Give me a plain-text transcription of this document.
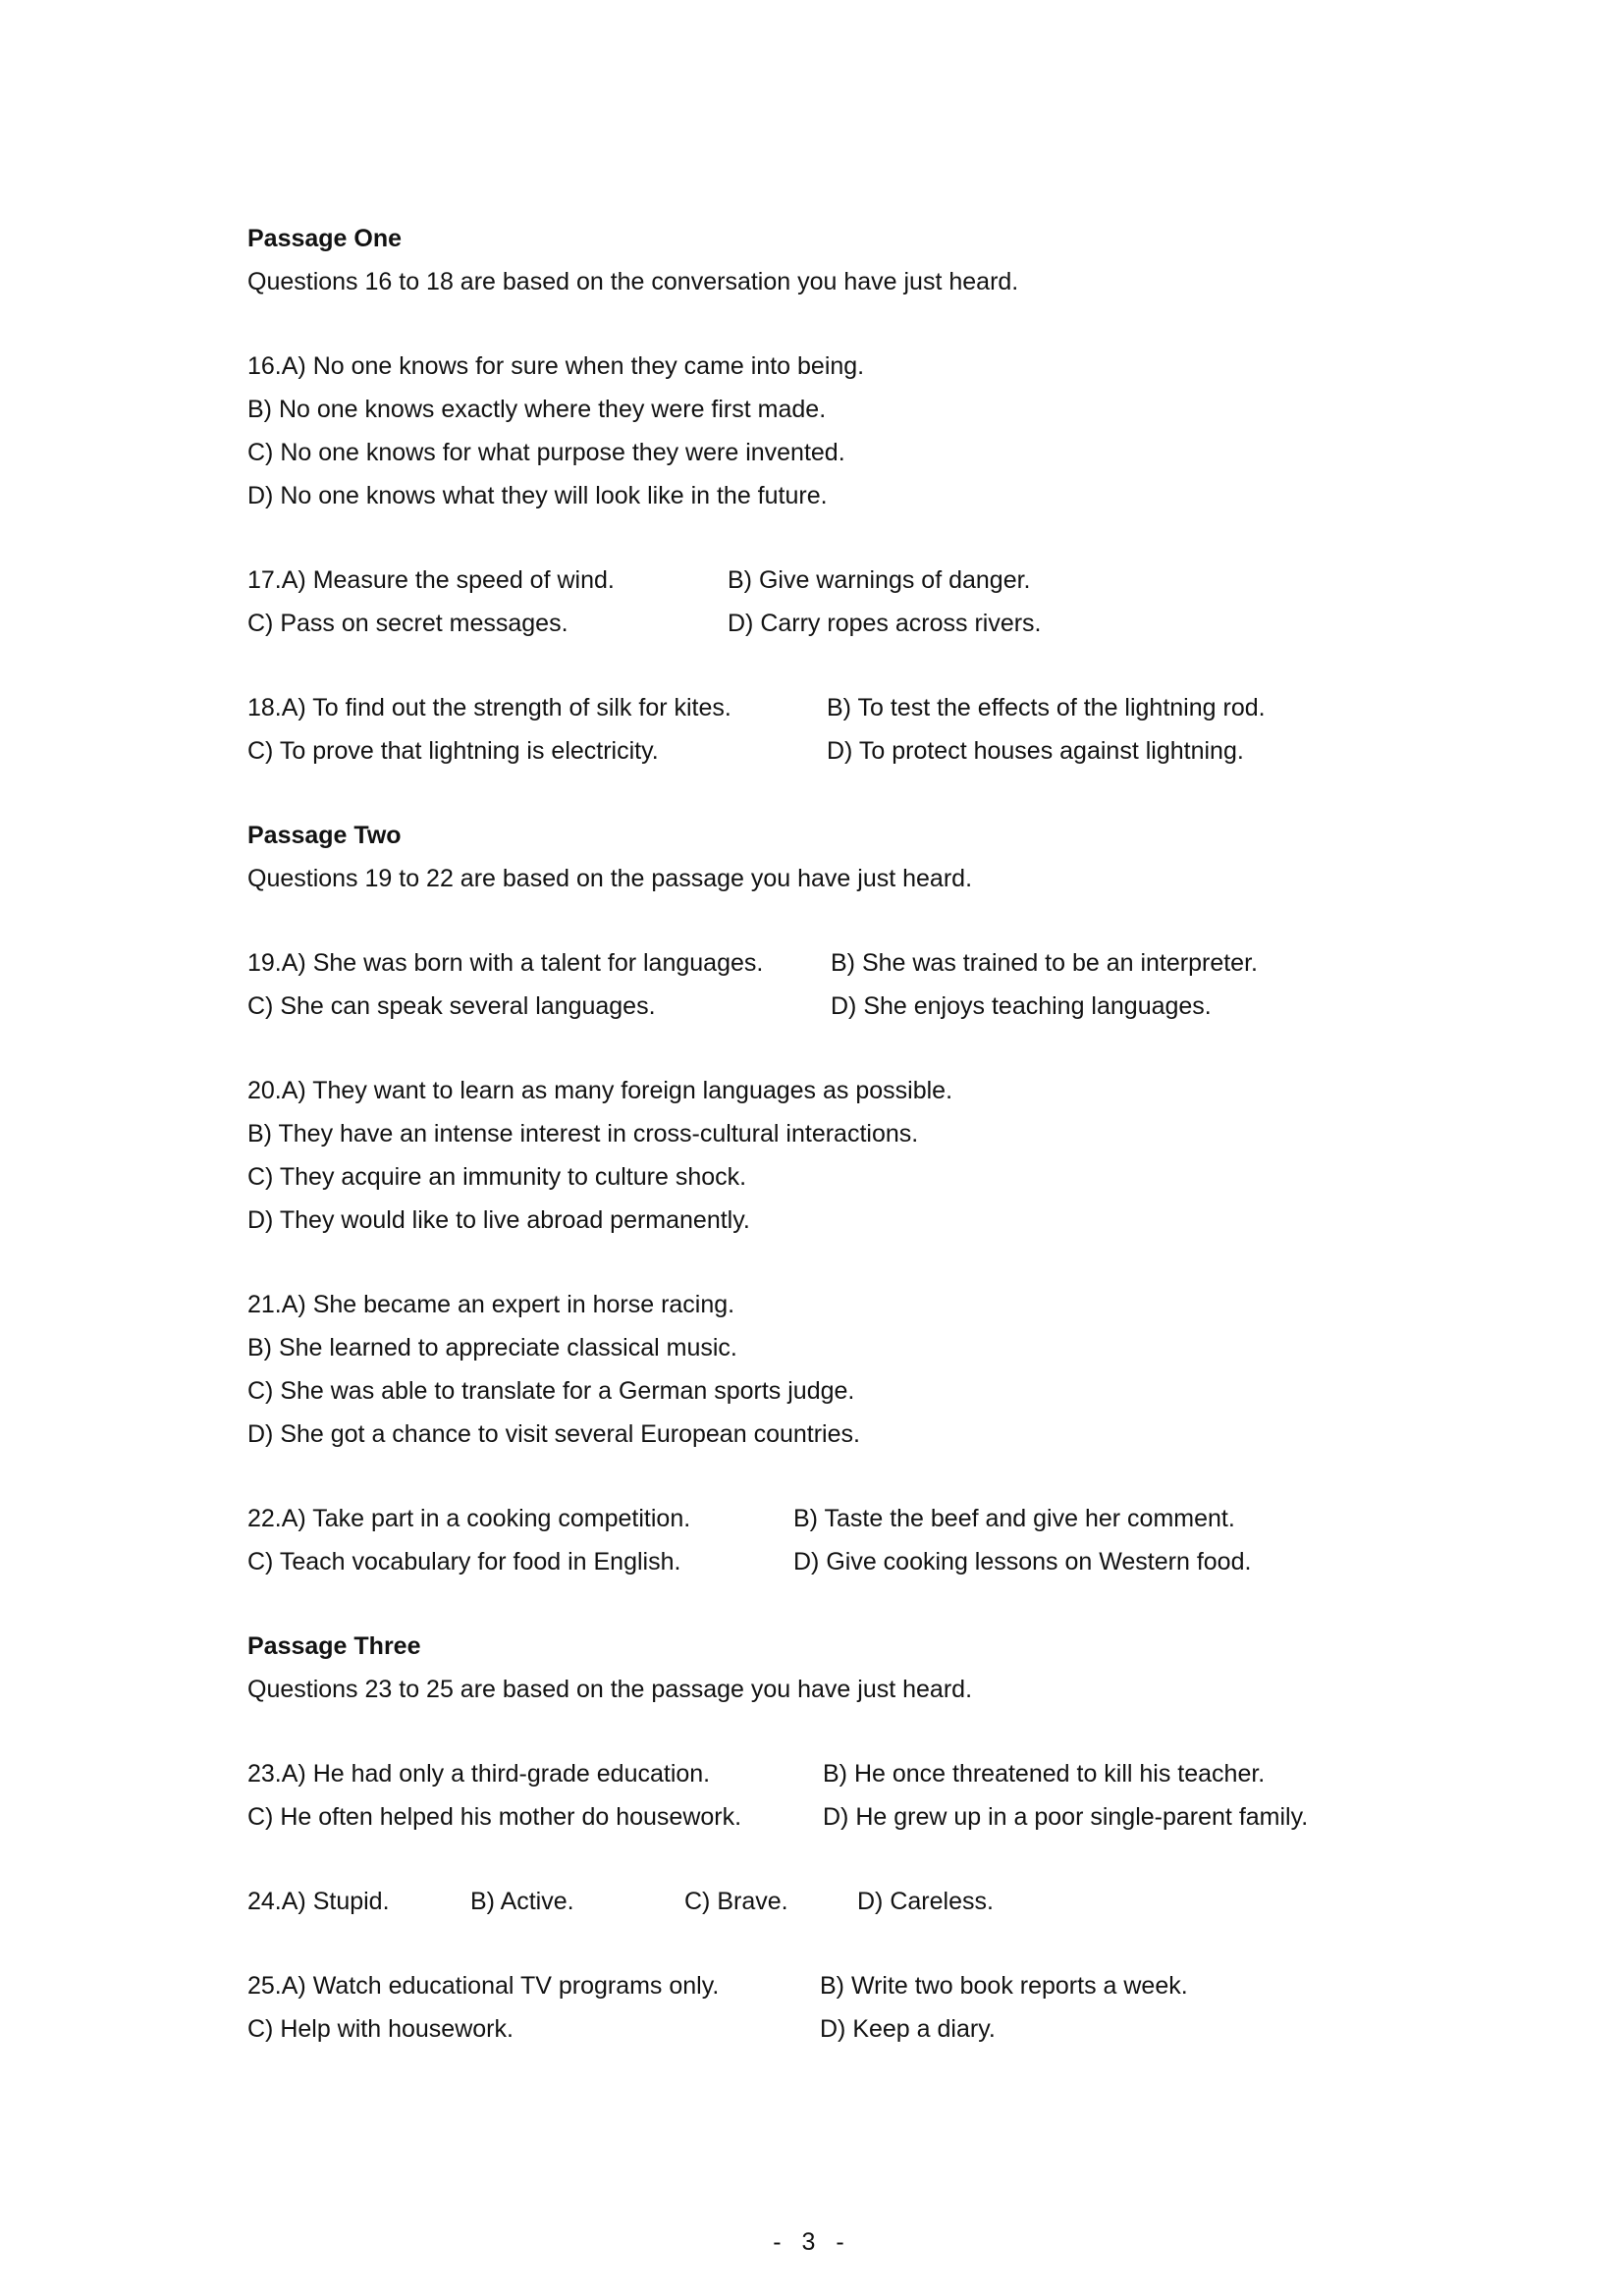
Passage One
Questions 16 to 18 are based on the conversation you have just heard.
16.A) No one knows for sure when they came into being.
B) No one knows exactly where they were first made.
C) No one knows for what purpose they were invented.
D) No one knows what they will look like in the future.
17.A) Measure the speed of wind.	B) Give warnings of danger.
C) Pass on secret messages.	D) Carry ropes across rivers.
18.A) To find out the strength of silk for kites.	B) To test the effects of the lightning rod.
C) To prove that lightning is electricity.	D) To protect houses against lightning.
Passage Two
Questions 19 to 22 are based on the passage you have just heard.
19.A) She was born with a talent for languages.	B) She was trained to be an interpreter.
C) She can speak several languages.	D) She enjoys teaching languages.
20.A) They want to learn as many foreign languages as possible.
B) They have an intense interest in cross-cultural interactions.
C) They acquire an immunity to culture shock.
D) They would like to live abroad permanently.
21.A) She became an expert in horse racing.
B) She learned to appreciate classical music.
C) She was able to translate for a German sports judge.
D) She got a chance to visit several European countries.
22.A) Take part in a cooking competition.	B) Taste the beef and give her comment.
C) Teach vocabulary for food in English.	D) Give cooking lessons on Western food.
Passage Three
Questions 23 to 25 are based on the passage you have just heard.
23.A) He had only a third-grade education.	B) He once threatened to kill his teacher.
C) He often helped his mother do housework.	D) He grew up in a poor single-parent family.
24.A) Stupid.	B) Active.	C) Brave.	D) Careless.
25.A) Watch educational TV programs only.	B) Write two book reports a week.
C) Help with housework.	D) Keep a diary.
- 3 -
